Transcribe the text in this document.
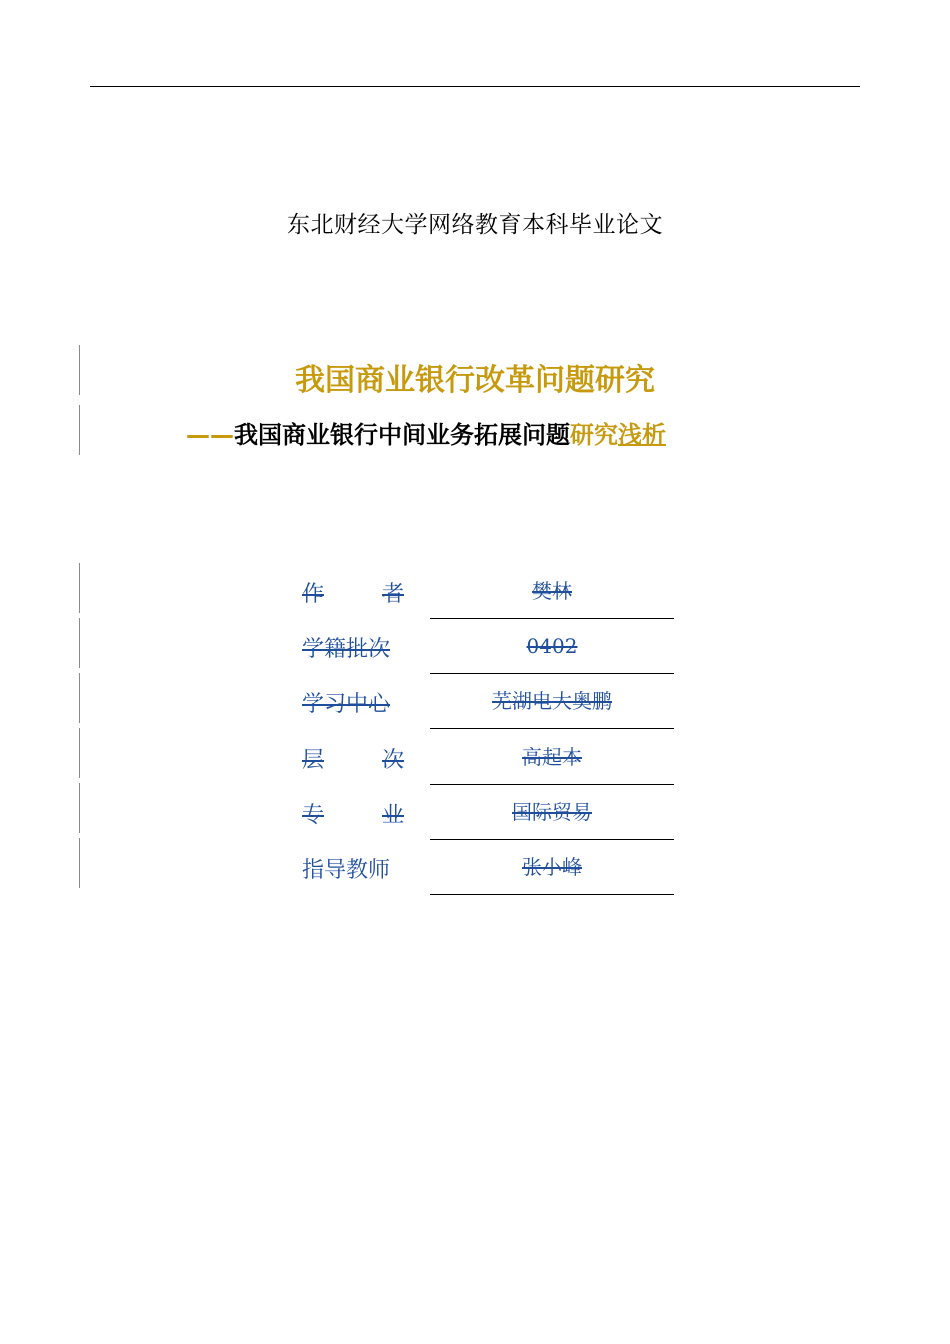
东北财经大学网络教育本科毕业论文
我国商业银行改革问题研究
——我国商业银行中间业务拓展问题研究浅析
作	者	樊林
学籍批次	0402
学习中心	芜湖电大奥鹏
层	次	高起本
专	业	国际贸易
指导教师	张小峰
